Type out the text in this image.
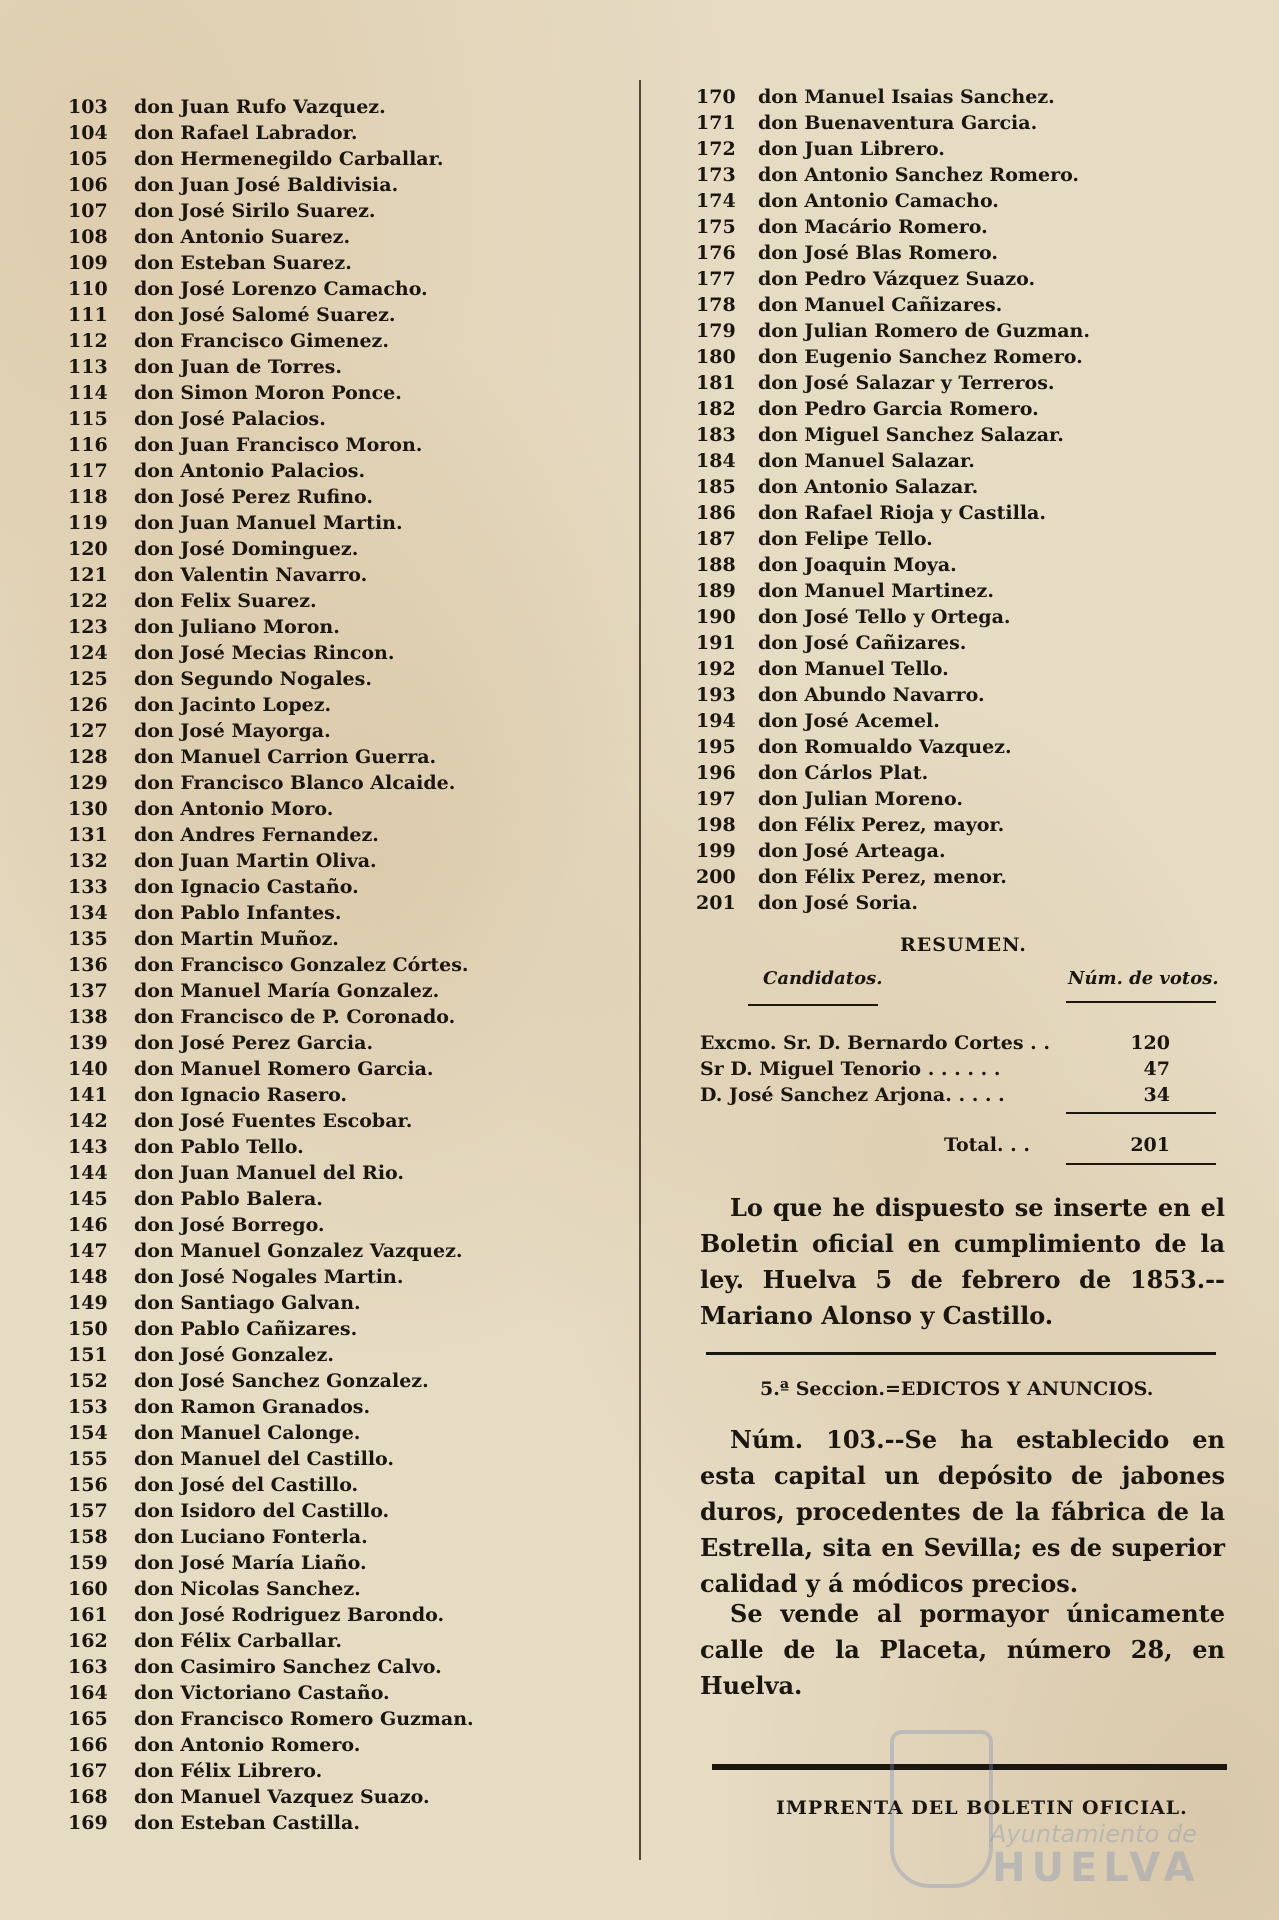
103 don Juan Rufo Vazquez.
104 don Rafael Labrador.
105 don Hermenegildo Carballar.
106 don Juan José Baldivisia.
107 don José Sirilo Suarez.
108 don Antonio Suarez.
109 don Esteban Suarez.
110 don José Lorenzo Camacho.
111 don José Salomé Suarez.
112 don Francisco Gimenez.
113 don Juan de Torres.
114 don Simon Moron Ponce.
115 don José Palacios.
116 don Juan Francisco Moron.
117 don Antonio Palacios.
118 don José Perez Rufino.
119 don Juan Manuel Martin.
120 don José Dominguez.
121 don Valentin Navarro.
122 don Felix Suarez.
123 don Juliano Moron.
124 don José Mecias Rincon.
125 don Segundo Nogales.
126 don Jacinto Lopez.
127 don José Mayorga.
128 don Manuel Carrion Guerra.
129 don Francisco Blanco Alcaide.
130 don Antonio Moro.
131 don Andres Fernandez.
132 don Juan Martin Oliva.
133 don Ignacio Castaño.
134 don Pablo Infantes.
135 don Martin Muñoz.
136 don Francisco Gonzalez Córtes.
137 don Manuel María Gonzalez.
138 don Francisco de P. Coronado.
139 don José Perez Garcia.
140 don Manuel Romero Garcia.
141 don Ignacio Rasero.
142 don José Fuentes Escobar.
143 don Pablo Tello.
144 don Juan Manuel del Rio.
145 don Pablo Balera.
146 don José Borrego.
147 don Manuel Gonzalez Vazquez.
148 don José Nogales Martin.
149 don Santiago Galvan.
150 don Pablo Cañizares.
151 don José Gonzalez.
152 don José Sanchez Gonzalez.
153 don Ramon Granados.
154 don Manuel Calonge.
155 don Manuel del Castillo.
156 don José del Castillo.
157 don Isidoro del Castillo.
158 don Luciano Fonterla.
159 don José María Liaño.
160 don Nicolas Sanchez.
161 don José Rodriguez Barondo.
162 don Félix Carballar.
163 don Casimiro Sanchez Calvo.
164 don Victoriano Castaño.
165 don Francisco Romero Guzman.
166 don Antonio Romero.
167 don Félix Librero.
168 don Manuel Vazquez Suazo.
169 don Esteban Castilla.
170 don Manuel Isaias Sanchez.
171 don Buenaventura Garcia.
172 don Juan Librero.
173 don Antonio Sanchez Romero.
174 don Antonio Camacho.
175 don Macário Romero.
176 don José Blas Romero.
177 don Pedro Vázquez Suazo.
178 don Manuel Cañizares.
179 don Julian Romero de Guzman.
180 don Eugenio Sanchez Romero.
181 don José Salazar y Terreros.
182 don Pedro Garcia Romero.
183 don Miguel Sanchez Salazar.
184 don Manuel Salazar.
185 don Antonio Salazar.
186 don Rafael Rioja y Castilla.
187 don Felipe Tello.
188 don Joaquin Moya.
189 don Manuel Martinez.
190 don José Tello y Ortega.
191 don José Cañizares.
192 don Manuel Tello.
193 don Abundo Navarro.
194 don José Acemel.
195 don Romualdo Vazquez.
196 don Cárlos Plat.
197 don Julian Moreno.
198 don Félix Perez, mayor.
199 don José Arteaga.
200 don Félix Perez, menor.
201 don José Soria.
RESUMEN.
Candidatos.	Núm. de votos.
Excmo. Sr. D. Bernardo Cortes . .	120
Sr D. Miguel Tenorio . . . . . .	47
D. José Sanchez Arjona. . . . .	34
Total. . .	201
Lo que he dispuesto se inserte en el Boletin oficial en cumplimiento de la ley. Huelva 5 de febrero de 1853.--Mariano Alonso y Castillo.
5.ª Seccion.=EDICTOS Y ANUNCIOS.
Núm. 103.--Se ha establecido en esta capital un depósito de jabones duros, procedentes de la fábrica de la Estrella, sita en Sevilla; es de superior calidad y á módicos precios.
Se vende al pormayor únicamente calle de la Placeta, número 28, en Huelva.
IMPRENTA DEL BOLETIN OFICIAL.
Ayuntamiento de
HUELVA
